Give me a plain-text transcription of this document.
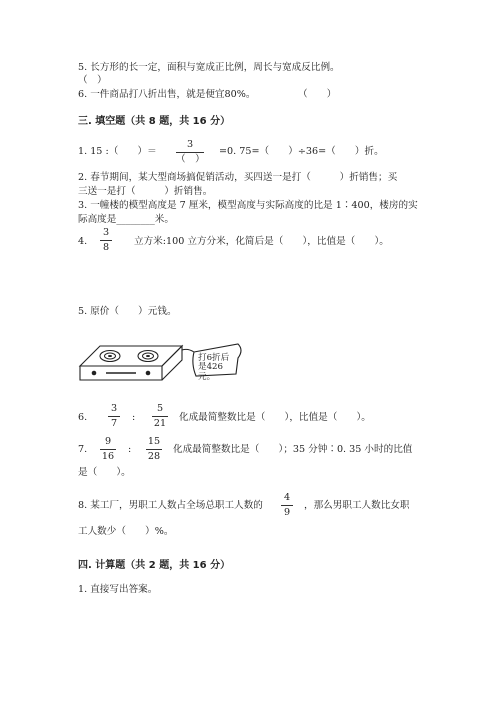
5. 长方形的长一定，面积与宽成正比例，周长与宽成反比例。
（　）
6. 一件商品打八折出售，就是便宜80%。	（　　）
三. 填空题（共 8 题，共 16 分）
1. 15 :（　　）＝
3
（　）
=0. 75=（　　）÷36=（　　）折。
2. 春节期间，某大型商场搞促销活动，买四送一是打（　　　）折销售；买
三送一是打（　　　）折销售。
3. 一幢楼的模型高度是 7 厘米，模型高度与实际高度的比是 1∶400，楼房的实
际高度是________米。
4.
3
8
立方米:100 立方分米，化简后是（　　），比值是（　　）。
5. 原价（　　）元钱。
打6折后是426元。
6.
3
7
:
5
21
化成最简整数比是（　　），比值是（　　）。
7.
9
16
:
15
28
化成最简整数比是（　　）；35 分钟∶0. 35 小时的比值
是（　　）。
8. 某工厂，男职工人数占全场总职工人数的
4
9
，那么男职工人数比女职
工人数少（　　）%。
四. 计算题（共 2 题，共 16 分）
1. 直接写出答案。
